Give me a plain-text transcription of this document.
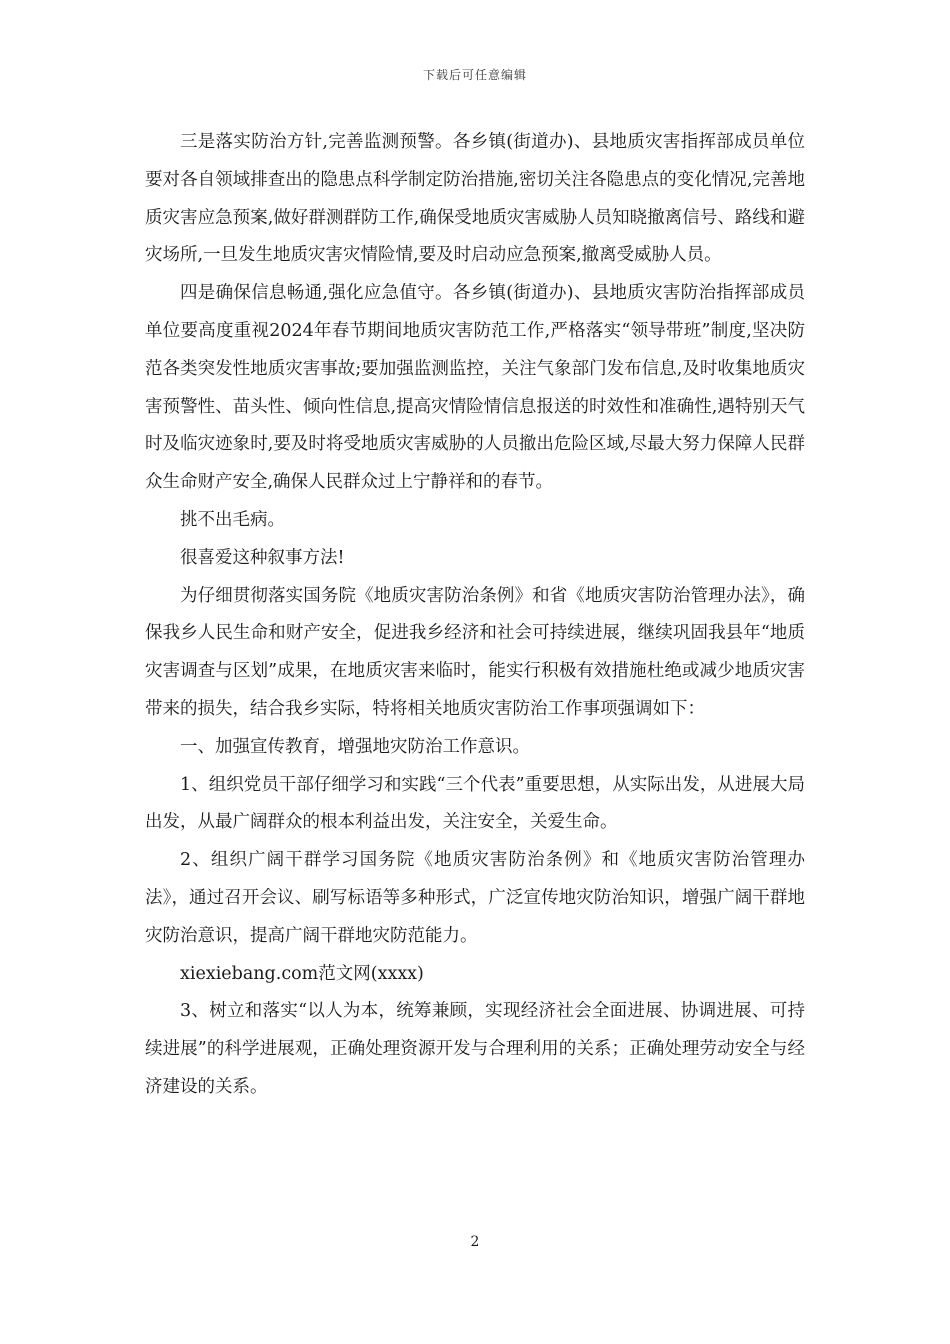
下载后可任意编辑

三是落实防治方针,完善监测预警。各乡镇(街道办)、县地质灾害指挥部成员单位要对各自领域排查出的隐患点科学制定防治措施,密切关注各隐患点的变化情况,完善地质灾害应急预案,做好群测群防工作,确保受地质灾害威胁人员知晓撤离信号、路线和避灾场所,一旦发生地质灾害灾情险情,要及时启动应急预案,撤离受威胁人员。

四是确保信息畅通,强化应急值守。各乡镇(街道办)、县地质灾害防治指挥部成员单位要高度重视2024年春节期间地质灾害防范工作,严格落实“领导带班”制度,坚决防范各类突发性地质灾害事故;要加强监测监控，关注气象部门发布信息,及时收集地质灾害预警性、苗头性、倾向性信息,提高灾情险情信息报送的时效性和准确性,遇特别天气时及临灾迹象时,要及时将受地质灾害威胁的人员撤出危险区域,尽最大努力保障人民群众生命财产安全,确保人民群众过上宁静祥和的春节。

挑不出毛病。

很喜爱这种叙事方法!

为仔细贯彻落实国务院《地质灾害防治条例》和省《地质灾害防治管理办法》，确保我乡人民生命和财产安全，促进我乡经济和社会可持续进展，继续巩固我县年“地质灾害调查与区划”成果，在地质灾害来临时，能实行积极有效措施杜绝或减少地质灾害带来的损失，结合我乡实际，特将相关地质灾害防治工作事项强调如下：

一、加强宣传教育，增强地灾防治工作意识。

1、组织党员干部仔细学习和实践“三个代表”重要思想，从实际出发，从进展大局出发，从最广阔群众的根本利益出发，关注安全，关爱生命。

2、组织广阔干群学习国务院《地质灾害防治条例》和《地质灾害防治管理办法》，通过召开会议、刷写标语等多种形式，广泛宣传地灾防治知识，增强广阔干群地灾防治意识，提高广阔干群地灾防范能力。

xiexiebang.com范文网(xxxx)

3、树立和落实“以人为本，统筹兼顾，实现经济社会全面进展、协调进展、可持续进展”的科学进展观，正确处理资源开发与合理利用的关系；正确处理劳动安全与经济建设的关系。

2
